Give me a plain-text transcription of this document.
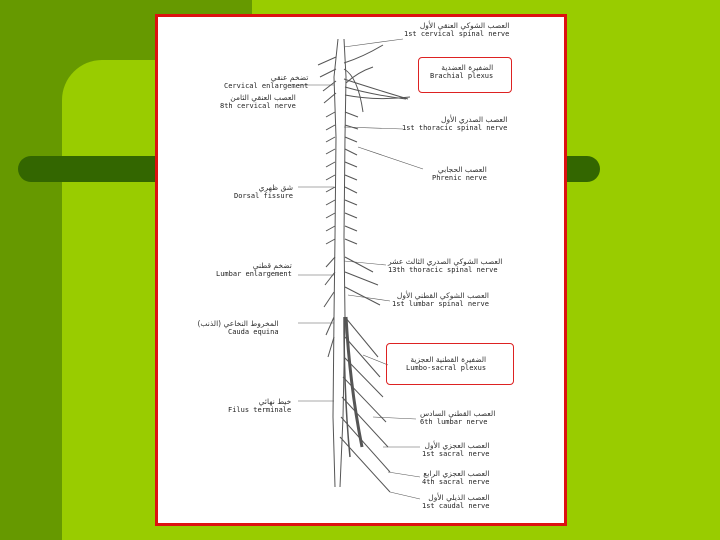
العصب الشوكي العنقي الأول
1st cervical spinal nerve
الضفيرة العضدية
Brachial plexus
العصب الصدري الأول
1st thoracic spinal nerve
العصب الحجابي
Phrenic nerve
العصب الشوكي الصدري الثالث عشر
13th thoracic spinal nerve
العصب الشوكي القطني الأول
1st lumbar spinal nerve
الضفيرة القطنية العجزية
Lumbo-sacral plexus
العصب القطني السادس
6th lumbar nerve
العصب العجزي الأول
1st sacral nerve
العصب العجزي الرابع
4th sacral nerve
العصب الذيلي الأول
1st caudal nerve
تضخم عنقي
Cervical enlargement
العصب العنقي الثامن
8th cervical nerve
شق ظهري
Dorsal fissure
تضخم قطني
Lumbar enlargement
المخروط النخاعي (الذنب)
Cauda equina
خيط نهائي
Filus terminale
